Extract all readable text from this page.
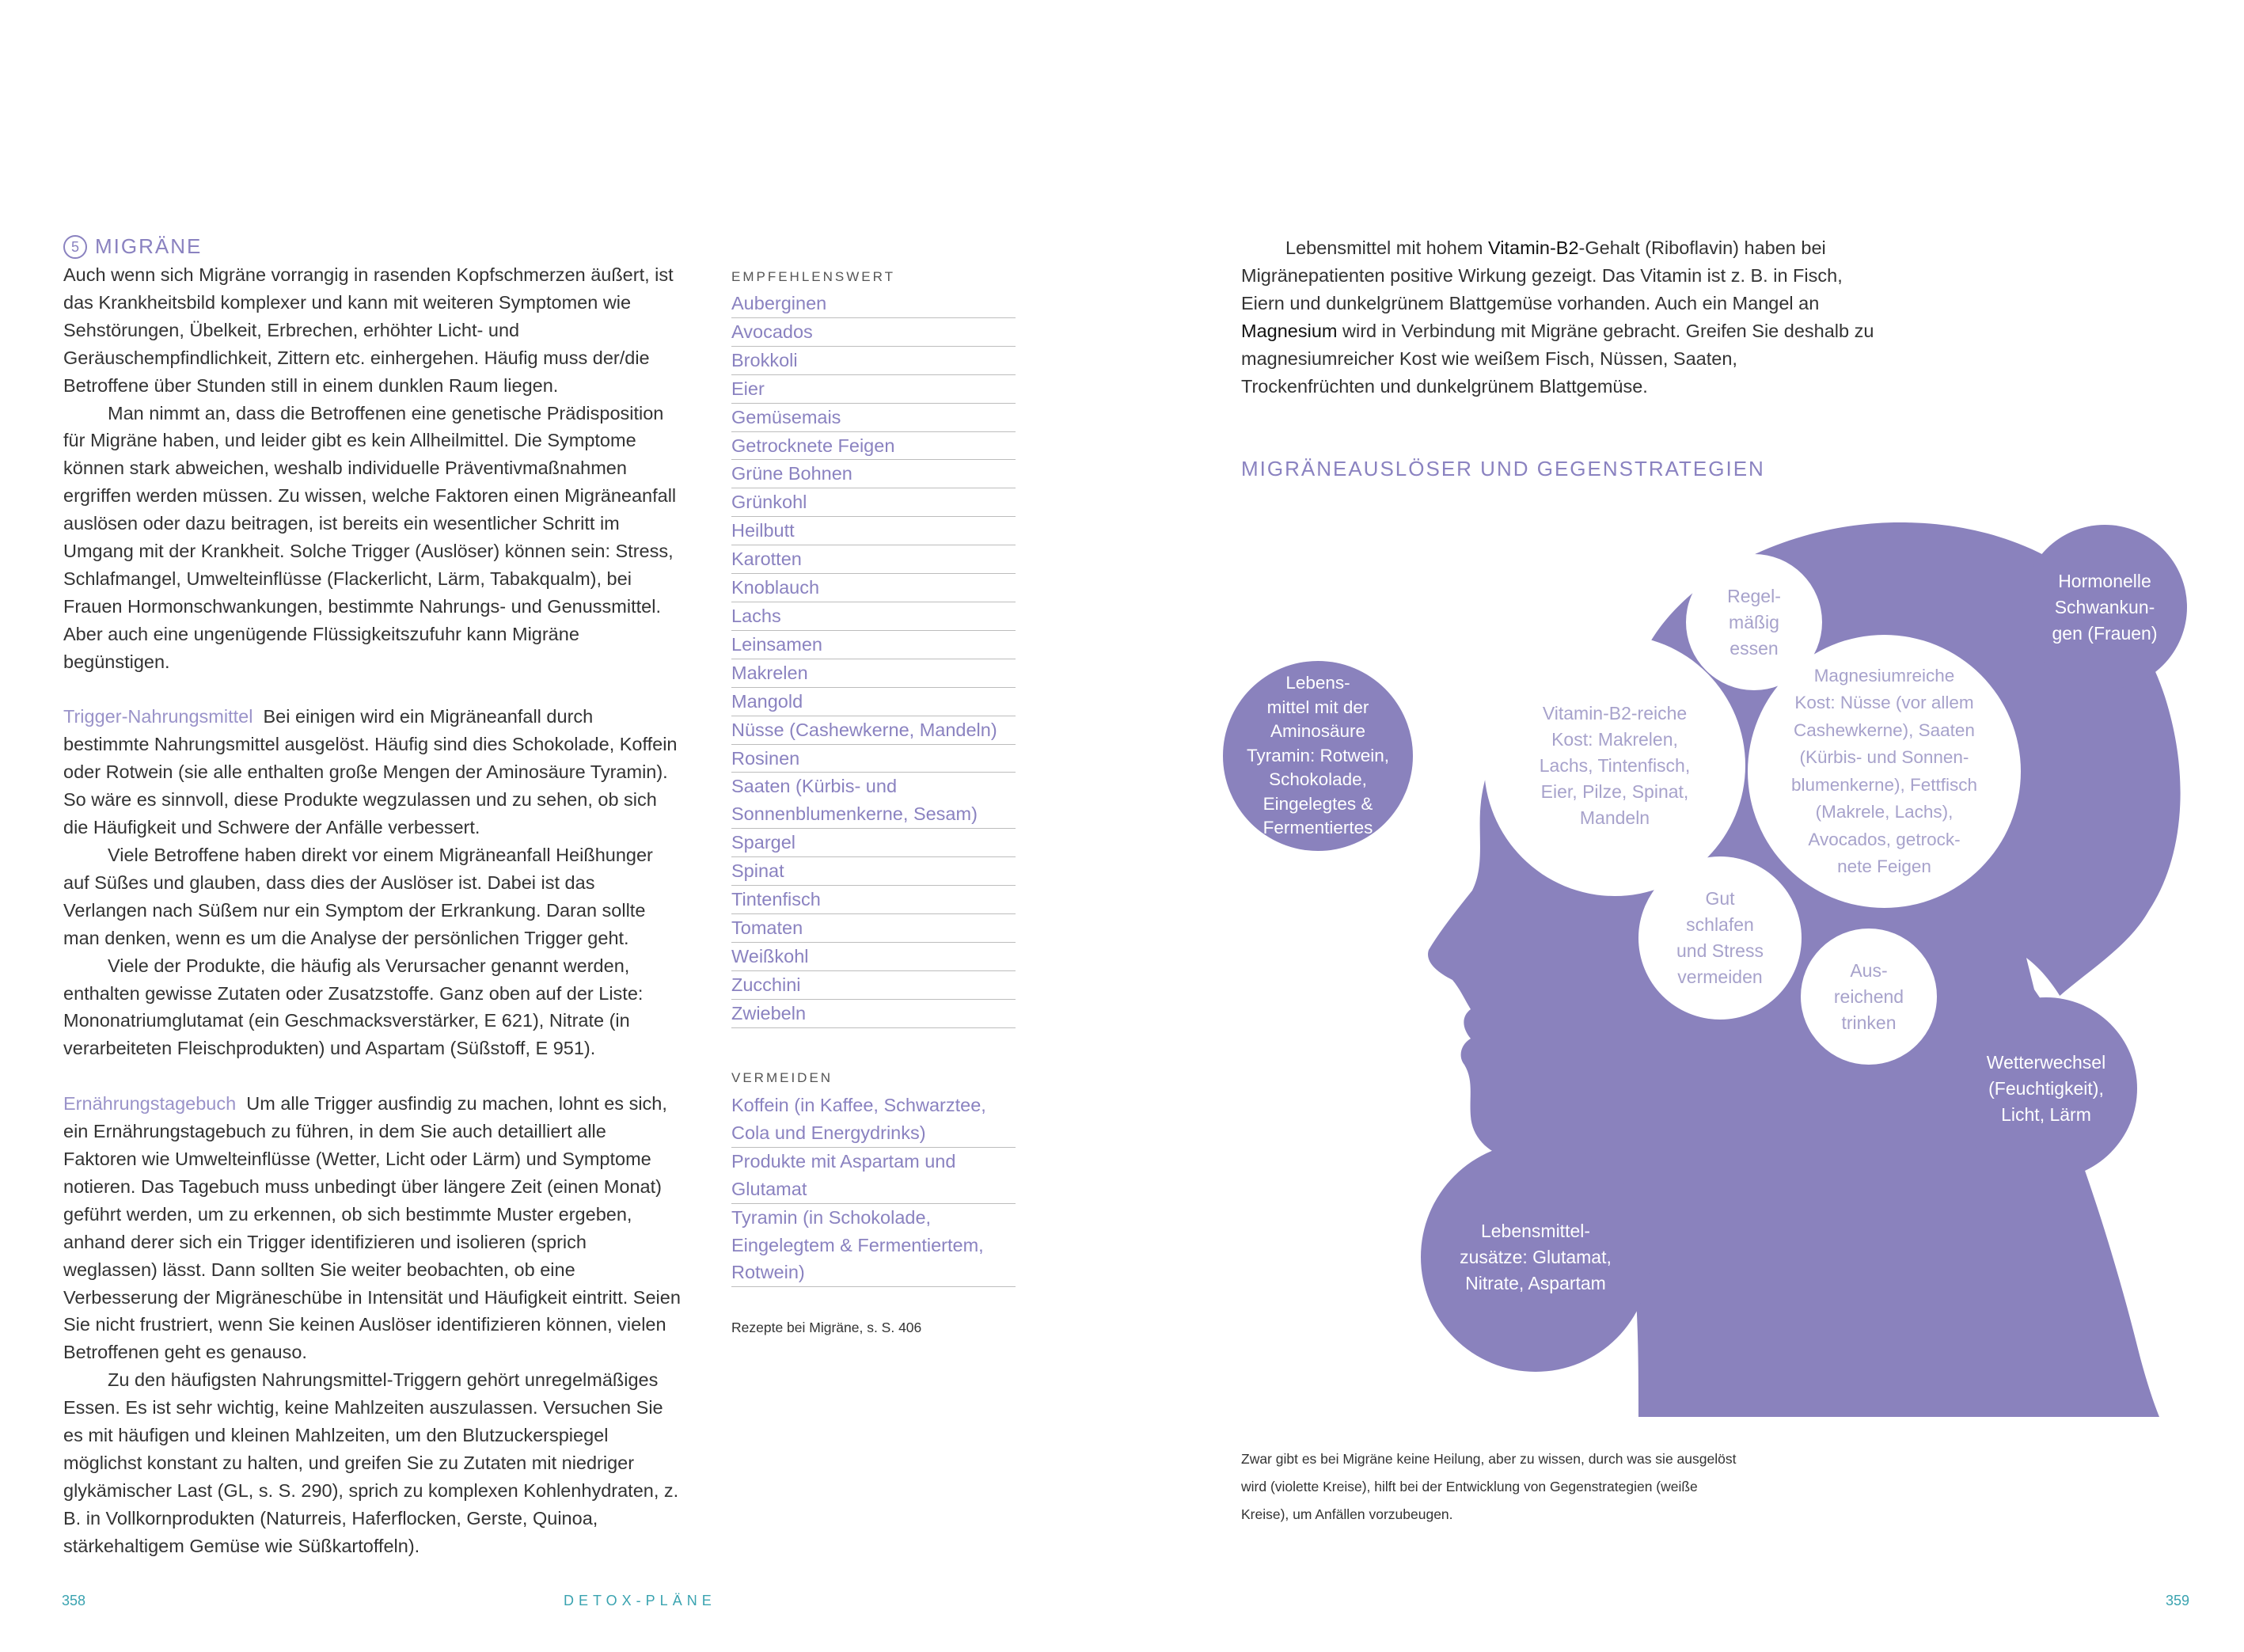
5 MIGRÄNE

Auch wenn sich Migräne vorrangig in rasenden Kopfschmerzen äußert, ist das Krankheitsbild komplexer und kann mit weiteren Symptomen wie Sehstörungen, Übelkeit, Erbrechen, erhöhter Licht- und Geräuschempfindlichkeit, Zittern etc. einhergehen. Häufig muss der/die Betroffene über Stunden still in einem dunklen Raum liegen.

Man nimmt an, dass die Betroffenen eine genetische Prädisposition für Migräne haben, und leider gibt es kein Allheilmittel. Die Symptome können stark abweichen, weshalb individuelle Präventivmaßnahmen ergriffen werden müssen. Zu wissen, welche Faktoren einen Migräneanfall auslösen oder dazu beitragen, ist bereits ein wesentlicher Schritt im Umgang mit der Krankheit. Solche Trigger (Auslöser) können sein: Stress, Schlafmangel, Umwelteinflüsse (Flackerlicht, Lärm, Tabakqualm), bei Frauen Hormonschwankungen, bestimmte Nahrungs- und Genussmittel. Aber auch eine ungenügende Flüssigkeitszufuhr kann Migräne begünstigen.

Trigger-Nahrungsmittel Bei einigen wird ein Migräneanfall durch bestimmte Nahrungsmittel ausgelöst. Häufig sind dies Schokolade, Koffein oder Rotwein (sie alle enthalten große Mengen der Aminosäure Tyramin). So wäre es sinnvoll, diese Produkte wegzulassen und zu sehen, ob sich die Häufigkeit und Schwere der Anfälle verbessert.

Viele Betroffene haben direkt vor einem Migräneanfall Heißhunger auf Süßes und glauben, dass dies der Auslöser ist. Dabei ist das Verlangen nach Süßem nur ein Symptom der Erkrankung. Daran sollte man denken, wenn es um die Analyse der persönlichen Trigger geht.

Viele der Produkte, die häufig als Verursacher genannt werden, enthalten gewisse Zutaten oder Zusatzstoffe. Ganz oben auf der Liste: Mononatriumglutamat (ein Geschmacksverstärker, E 621), Nitrate (in verarbeiteten Fleischprodukten) und Aspartam (Süßstoff, E 951).

Ernährungstagebuch Um alle Trigger ausfindig zu machen, lohnt es sich, ein Ernährungstagebuch zu führen, in dem Sie auch detailliert alle Faktoren wie Umwelteinflüsse (Wetter, Licht oder Lärm) und Symptome notieren. Das Tagebuch muss unbedingt über längere Zeit (einen Monat) geführt werden, um zu erkennen, ob sich bestimmte Muster ergeben, anhand derer sich ein Trigger identifizieren und isolieren (sprich weglassen) lässt. Dann sollten Sie weiter beobachten, ob eine Verbesserung der Migräneschübe in Intensität und Häufigkeit eintritt. Seien Sie nicht frustriert, wenn Sie keinen Auslöser identifizieren können, vielen Betroffenen geht es genauso.

Zu den häufigsten Nahrungsmittel-Triggern gehört unregelmäßiges Essen. Es ist sehr wichtig, keine Mahlzeiten auszulassen. Versuchen Sie es mit häufigen und kleinen Mahlzeiten, um den Blutzuckerspiegel möglichst konstant zu halten, und greifen Sie zu Zutaten mit niedriger glykämischer Last (GL, s. S. 290), sprich zu komplexen Kohlenhydraten, z. B. in Vollkornprodukten (Naturreis, Haferflocken, Gerste, Quinoa, stärkehaltigem Gemüse wie Süßkartoffeln).

EMPFEHLENSWERT
Auberginen
Avocados
Brokkoli
Eier
Gemüsemais
Getrocknete Feigen
Grüne Bohnen
Grünkohl
Heilbutt
Karotten
Knoblauch
Lachs
Leinsamen
Makrelen
Mangold
Nüsse (Cashewkerne, Mandeln)
Rosinen
Saaten (Kürbis- und Sonnenblumenkerne, Sesam)
Spargel
Spinat
Tintenfisch
Tomaten
Weißkohl
Zucchini
Zwiebeln
VERMEIDEN
Koffein (in Kaffee, Schwarztee, Cola und Energydrinks)
Produkte mit Aspartam und Glutamat
Tyramin (in Schokolade, Eingelegtem & Fermentiertem, Rotwein)
Rezepte bei Migräne, s. S. 406

Lebensmittel mit hohem Vitamin-B2-Gehalt (Riboflavin) haben bei Migränepatienten positive Wirkung gezeigt. Das Vitamin ist z. B. in Fisch, Eiern und dunkelgrünem Blattgemüse vorhanden. Auch ein Mangel an Magnesium wird in Verbindung mit Migräne gebracht. Greifen Sie deshalb zu magnesiumreicher Kost wie weißem Fisch, Nüssen, Saaten, Trockenfrüchten und dunkelgrünem Blattgemüse.

MIGRÄNEAUSLÖSER UND GEGENSTRATEGIEN
Lebens-
mittel mit der
Aminosäure
Tyramin: Rotwein,
Schokolade,
Eingelegtes &
Fermentiertes
Hormonelle
Schwankun-
gen (Frauen)
Wetterwechsel
(Feuchtigkeit),
Licht, Lärm
Lebensmittel-
zusätze: Glutamat,
Nitrate, Aspartam
Regel-
mäßig
essen
Vitamin-B2-reiche
Kost: Makrelen,
Lachs, Tintenfisch,
Eier, Pilze, Spinat,
Mandeln
Magnesiumreiche
Kost: Nüsse (vor allem
Cashewkerne), Saaten
(Kürbis- und Sonnen-
blumenkerne), Fettfisch
(Makrele, Lachs),
Avocados, getrock-
nete Feigen
Gut
schlafen
und Stress
vermeiden	Aus-
reichend
trinken
Zwar gibt es bei Migräne keine Heilung, aber zu wissen, durch was sie ausgelöst wird (violette Kreise), hilft bei der Entwicklung von Gegenstrategien (weiße Kreise), um Anfällen vorzubeugen.
358	DETOX-PLÄNE	359
